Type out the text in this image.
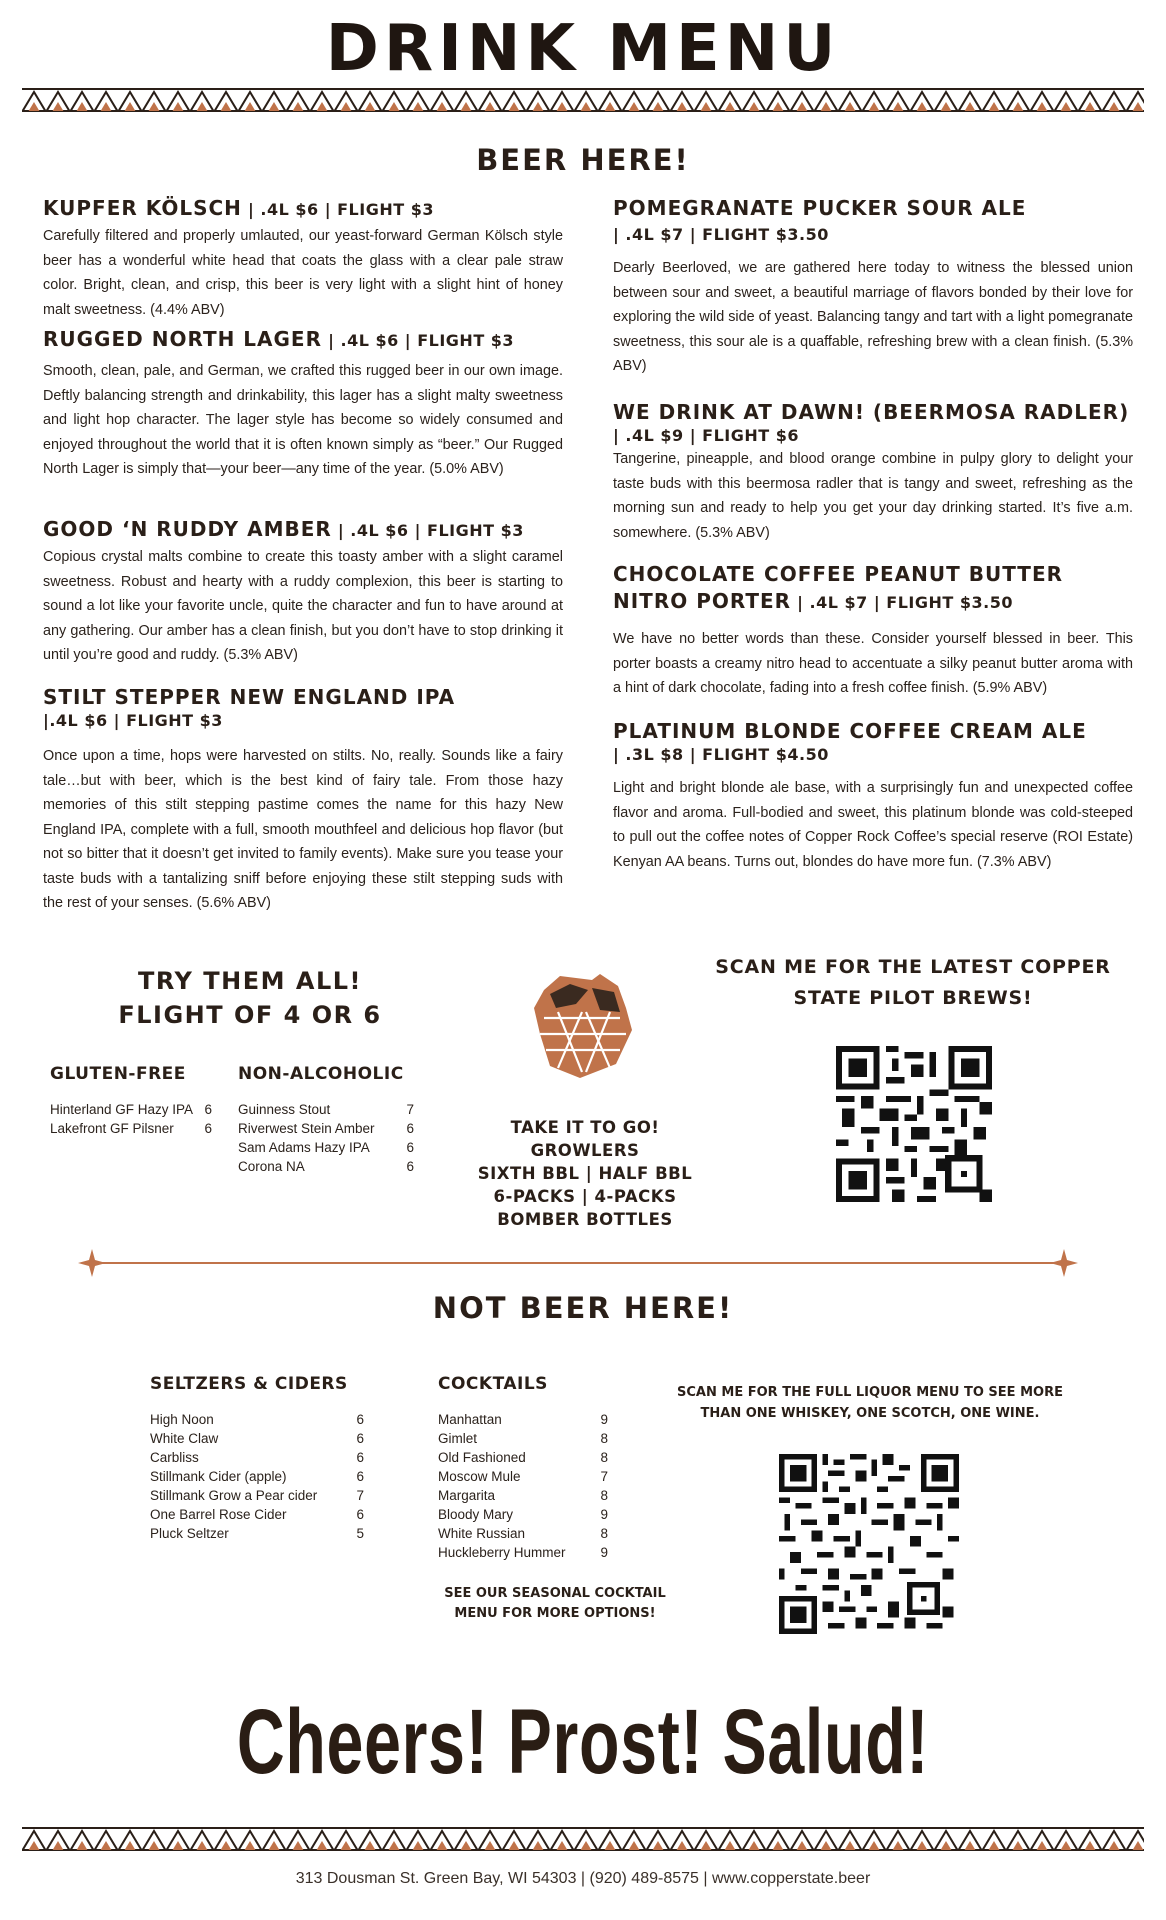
DRINK MENU
BEER HERE!
KUPFER KÖLSCH | .4L $6 | FLIGHT $3
Carefully filtered and properly umlauted, our yeast-forward German Kölsch style beer has a wonderful white head that coats the glass with a clear pale straw color. Bright, clean, and crisp, this beer is very light with a slight hint of honey malt sweetness. (4.4% ABV)
RUGGED NORTH LAGER | .4L $6 | FLIGHT $3
Smooth, clean, pale, and German, we crafted this rugged beer in our own image. Deftly balancing strength and drinkability, this lager has a slight malty sweetness and light hop character. The lager style has become so widely consumed and enjoyed throughout the world that it is often known simply as “beer.” Our Rugged North Lager is simply that—your beer—any time of the year. (5.0% ABV)
GOOD ‘N RUDDY AMBER | .4L $6 | FLIGHT $3
Copious crystal malts combine to create this toasty amber with a slight caramel sweetness. Robust and hearty with a ruddy complexion, this beer is starting to sound a lot like your favorite uncle, quite the character and fun to have around at any gathering. Our amber has a clean finish, but you don’t have to stop drinking it until you’re good and ruddy. (5.3% ABV)
STILT STEPPER NEW ENGLAND IPA
|.4L $6 | FLIGHT $3
Once upon a time, hops were harvested on stilts. No, really. Sounds like a fairy tale…but with beer, which is the best kind of fairy tale. From those hazy memories of this stilt stepping pastime comes the name for this hazy New England IPA, complete with a full, smooth mouthfeel and delicious hop flavor (but not so bitter that it doesn’t get invited to family events). Make sure you tease your taste buds with a tantalizing sniff before enjoying these stilt stepping suds with the rest of your senses. (5.6% ABV)
POMEGRANATE PUCKER SOUR ALE
| .4L $7 | FLIGHT $3.50
Dearly Beerloved, we are gathered here today to witness the blessed union between sour and sweet, a beautiful marriage of flavors bonded by their love for exploring the wild side of yeast. Balancing tangy and tart with a light pomegranate sweetness, this sour ale is a quaffable, refreshing brew with a clean finish. (5.3% ABV)
WE DRINK AT DAWN! (BEERMOSA RADLER)
| .4L $9 | FLIGHT $6
Tangerine, pineapple, and blood orange combine in pulpy glory to delight your taste buds with this beermosa radler that is tangy and sweet, refreshing as the morning sun and ready to help you get your day drinking started. It’s five a.m. somewhere. (5.3% ABV)
CHOCOLATE COFFEE PEANUT BUTTER NITRO PORTER | .4L $7 | FLIGHT $3.50
We have no better words than these. Consider yourself blessed in beer. This porter boasts a creamy nitro head to accentuate a silky peanut butter aroma with a hint of dark chocolate, fading into a fresh coffee finish. (5.9% ABV)
PLATINUM BLONDE COFFEE CREAM ALE
| .3L $8 | FLIGHT $4.50
Light and bright blonde ale base, with a surprisingly fun and unexpected coffee flavor and aroma. Full-bodied and sweet, this platinum blonde was cold-steeped to pull out the coffee notes of Copper Rock Coffee’s special reserve (ROI Estate) Kenyan AA beans. Turns out, blondes do have more fun. (7.3% ABV)
TRY THEM ALL!
FLIGHT OF 4 OR 6
GLUTEN-FREE
Hinterland GF Hazy IPA 6
Lakefront GF Pilsner 6
NON-ALCOHOLIC
Guinness Stout	7
Riverwest Stein Amber 6
Sam Adams Hazy IPA	6
Corona NA	6
TAKE IT TO GO!
GROWLERS
SIXTH BBL | HALF BBL
6-PACKS | 4-PACKS
BOMBER BOTTLES
SCAN ME FOR THE LATEST COPPER
STATE PILOT BREWS!
NOT BEER HERE!
SELTZERS & CIDERS
High Noon	6
White Claw	6
Carbliss	6
Stillmank Cider (apple)	6
Stillmank Grow a Pear cider	7
One Barrel Rose Cider	6
Pluck Seltzer	5
COCKTAILS
Manhattan	9
Gimlet	8
Old Fashioned	8
Moscow Mule	7
Margarita	8
Bloody Mary	9
White Russian	8
Huckleberry Hummer	9
SEE OUR SEASONAL COCKTAIL
MENU FOR MORE OPTIONS!
SCAN ME FOR THE FULL LIQUOR MENU TO SEE MORE
THAN ONE WHISKEY, ONE SCOTCH, ONE WINE.
Cheers! Prost! Salud!
313 Dousman St. Green Bay, WI 54303 | (920) 489-8575 | www.copperstate.beer
